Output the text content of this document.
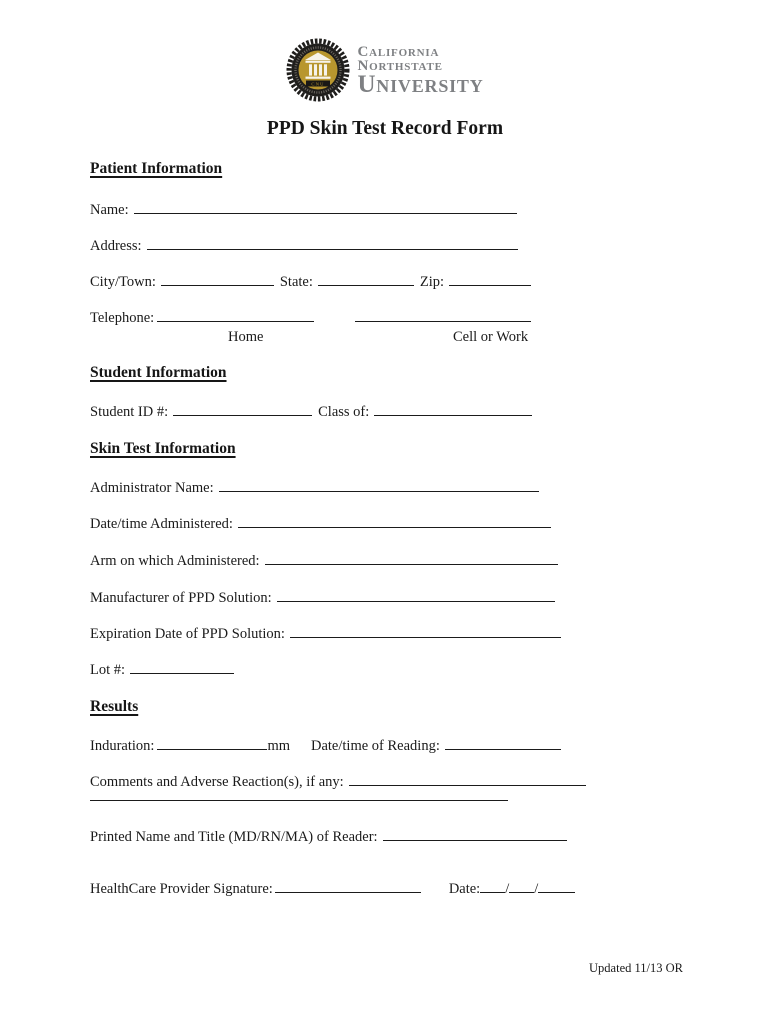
CNU
California
Northstate
University
PPD Skin Test Record Form
Patient Information
Name:
Address:
City/Town:	State:	Zip:
Telephone:
Home	Cell or Work
Student Information
Student ID #:	Class of:
Skin Test Information
Administrator Name:
Date/time Administered:
Arm on which Administered:
Manufacturer of PPD Solution:
Expiration Date of PPD Solution:
Lot #:
Results
Induration:	mm Date/time of Reading:
Comments and Adverse Reaction(s), if any:
Printed Name and Title (MD/RN/MA) of Reader:
HealthCare Provider Signature:	Date: / /
Updated 11/13 OR
